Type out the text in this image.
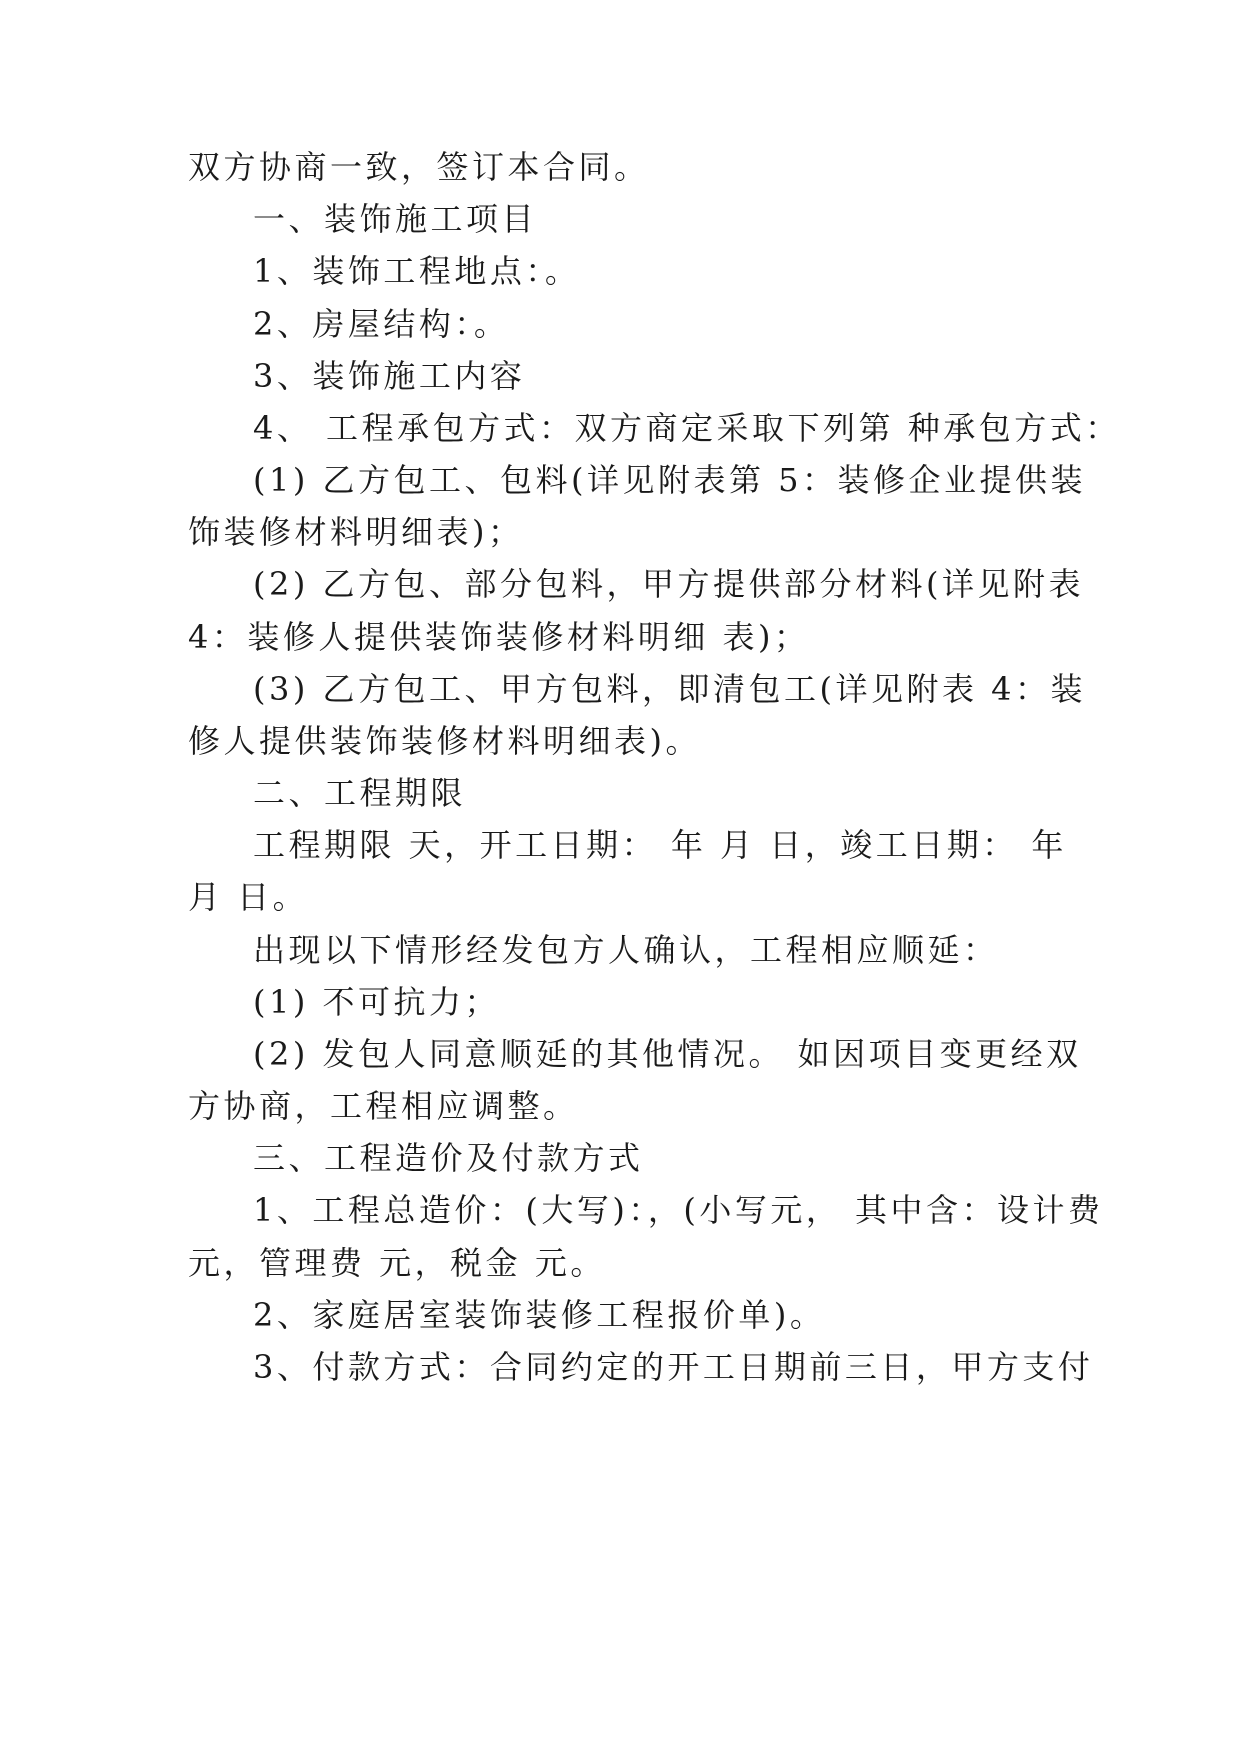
双方协商一致，签订本合同。
一、装饰施工项目
1、装饰工程地点：。
2、房屋结构：。
3、装饰施工内容
4、 工程承包方式：双方商定采取下列第 种承包方式：
(1) 乙方包工、包料(详见附表第 5：装修企业提供装
饰装修材料明细表)；
(2) 乙方包、部分包料，甲方提供部分材料(详见附表
4：装修人提供装饰装修材料明细 表)；
(3) 乙方包工、甲方包料，即清包工(详见附表 4：装
修人提供装饰装修材料明细表)。
二、工程期限
工程期限 天，开工日期： 年 月 日，竣工日期： 年
月 日。
出现以下情形经发包方人确认，工程相应顺延：
(1) 不可抗力；
(2) 发包人同意顺延的其他情况。 如因项目变更经双
方协商，工程相应调整。
三、工程造价及付款方式
1、工程总造价：(大写)：，(小写元， 其中含：设计费
元，管理费 元，税金 元。
2、家庭居室装饰装修工程报价单)。
3、付款方式：合同约定的开工日期前三日，甲方支付
